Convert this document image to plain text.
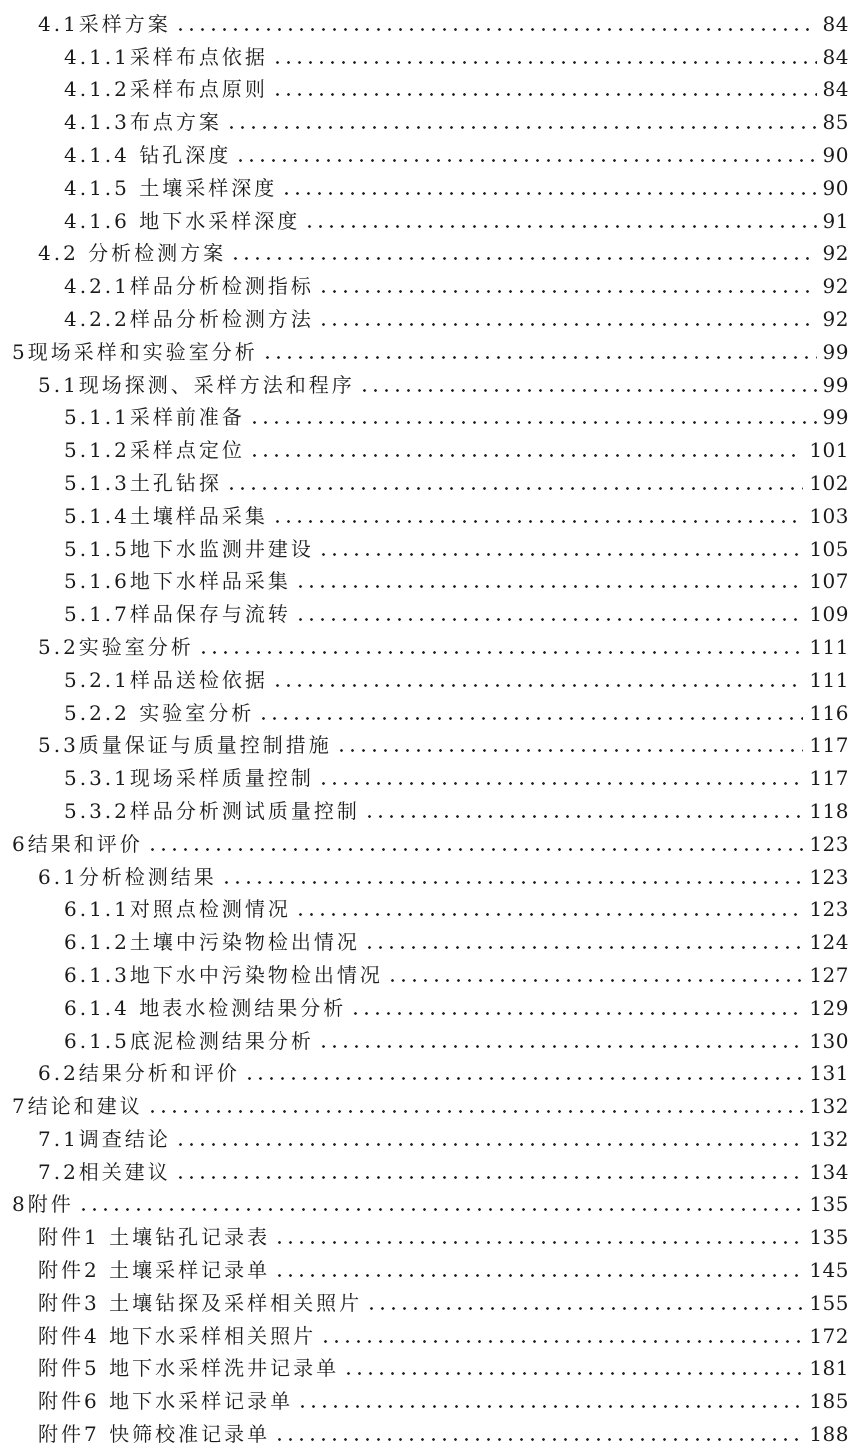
4.1采样方案	84
4.1.1采样布点依据	84
4.1.2采样布点原则	84
4.1.3布点方案	85
4.1.4 钻孔深度	90
4.1.5 土壤采样深度	90
4.1.6 地下水采样深度	91
4.2 分析检测方案	92
4.2.1样品分析检测指标	92
4.2.2样品分析检测方法	92
5现场采样和实验室分析	99
5.1现场探测、采样方法和程序	99
5.1.1采样前准备	99
5.1.2采样点定位	101
5.1.3土孔钻探	102
5.1.4土壤样品采集	103
5.1.5地下水监测井建设	105
5.1.6地下水样品采集	107
5.1.7样品保存与流转	109
5.2实验室分析	111
5.2.1样品送检依据	111
5.2.2 实验室分析	116
5.3质量保证与质量控制措施	117
5.3.1现场采样质量控制	117
5.3.2样品分析测试质量控制	118
6结果和评价	123
6.1分析检测结果	123
6.1.1对照点检测情况	123
6.1.2土壤中污染物检出情况	124
6.1.3地下水中污染物检出情况	127
6.1.4 地表水检测结果分析	129
6.1.5底泥检测结果分析	130
6.2结果分析和评价	131
7结论和建议	132
7.1调查结论	132
7.2相关建议	134
8附件	135
附件1 土壤钻孔记录表	135
附件2 土壤采样记录单	145
附件3 土壤钻探及采样相关照片	155
附件4 地下水采样相关照片	172
附件5 地下水采样洗井记录单	181
附件6 地下水采样记录单	185
附件7 快筛校准记录单	188
